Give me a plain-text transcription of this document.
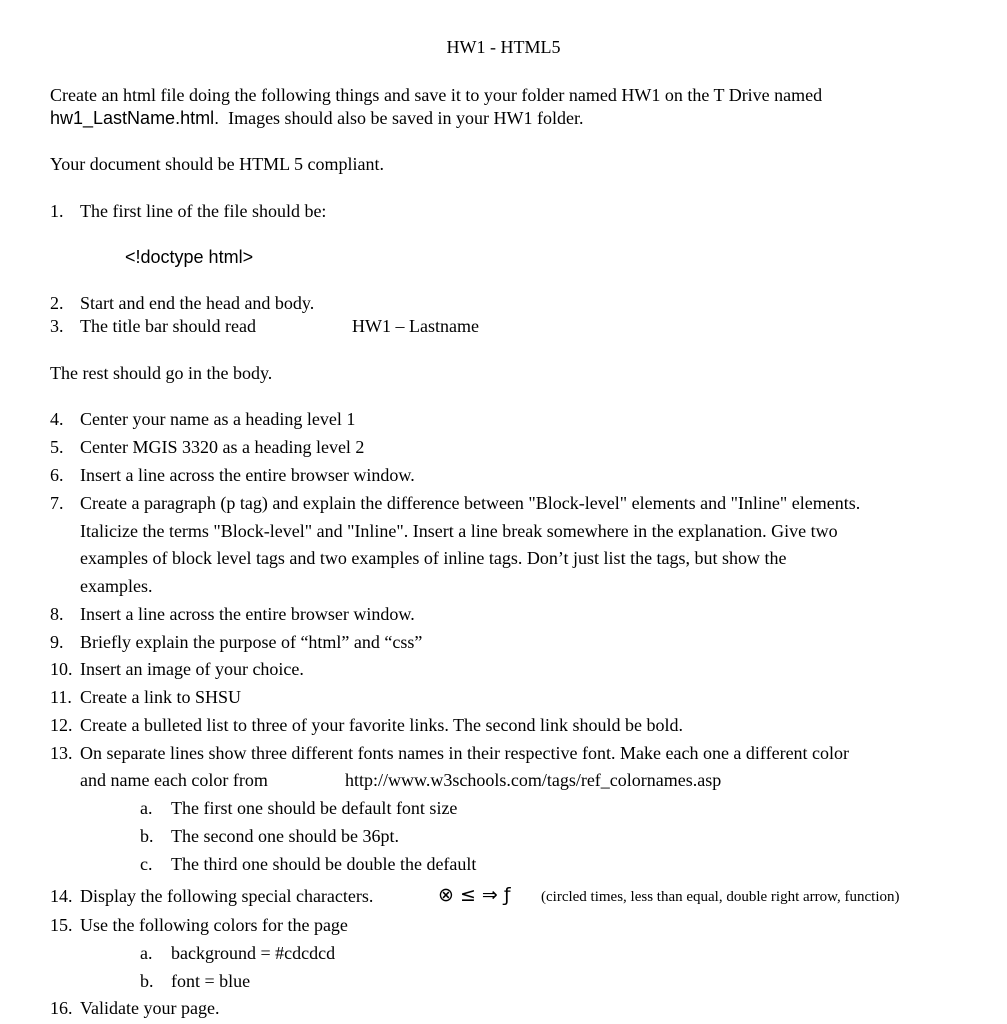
HW1 - HTML5
Create an html file doing the following things and save it to your folder named HW1 on the T Drive named
hw1_LastName.html. Images should also be saved in your HW1 folder.
Your document should be HTML 5 compliant.
1. The first line of the file should be:
<!doctype html>
2. Start and end the head and body.
3. The title bar should read	HW1 – Lastname
The rest should go in the body.
4. Center your name as a heading level 1
5. Center MGIS 3320 as a heading level 2
6. Insert a line across the entire browser window.
7. Create a paragraph (p tag) and explain the difference between "Block-level" elements and "Inline" elements.
Italicize the terms "Block-level" and "Inline". Insert a line break somewhere in the explanation. Give two
examples of block level tags and two examples of inline tags. Don’t just list the tags, but show the
examples.
8. Insert a line across the entire browser window.
9. Briefly explain the purpose of “html” and “css”
10. Insert an image of your choice.
11. Create a link to SHSU
12. Create a bulleted list to three of your favorite links. The second link should be bold.
13. On separate lines show three different fonts names in their respective font. Make each one a different color
and name each color from	http://www.w3schools.com/tags/ref_colornames.asp
a. The first one should be default font size
b. The second one should be 36pt.
c. The third one should be double the default
14. Display the following special characters.	⊗ ≤ ⇒ ƒ (circled times, less than equal, double right arrow, function)
15. Use the following colors for the page
a. background = #cdcdcd
b. font = blue
16. Validate your page.
